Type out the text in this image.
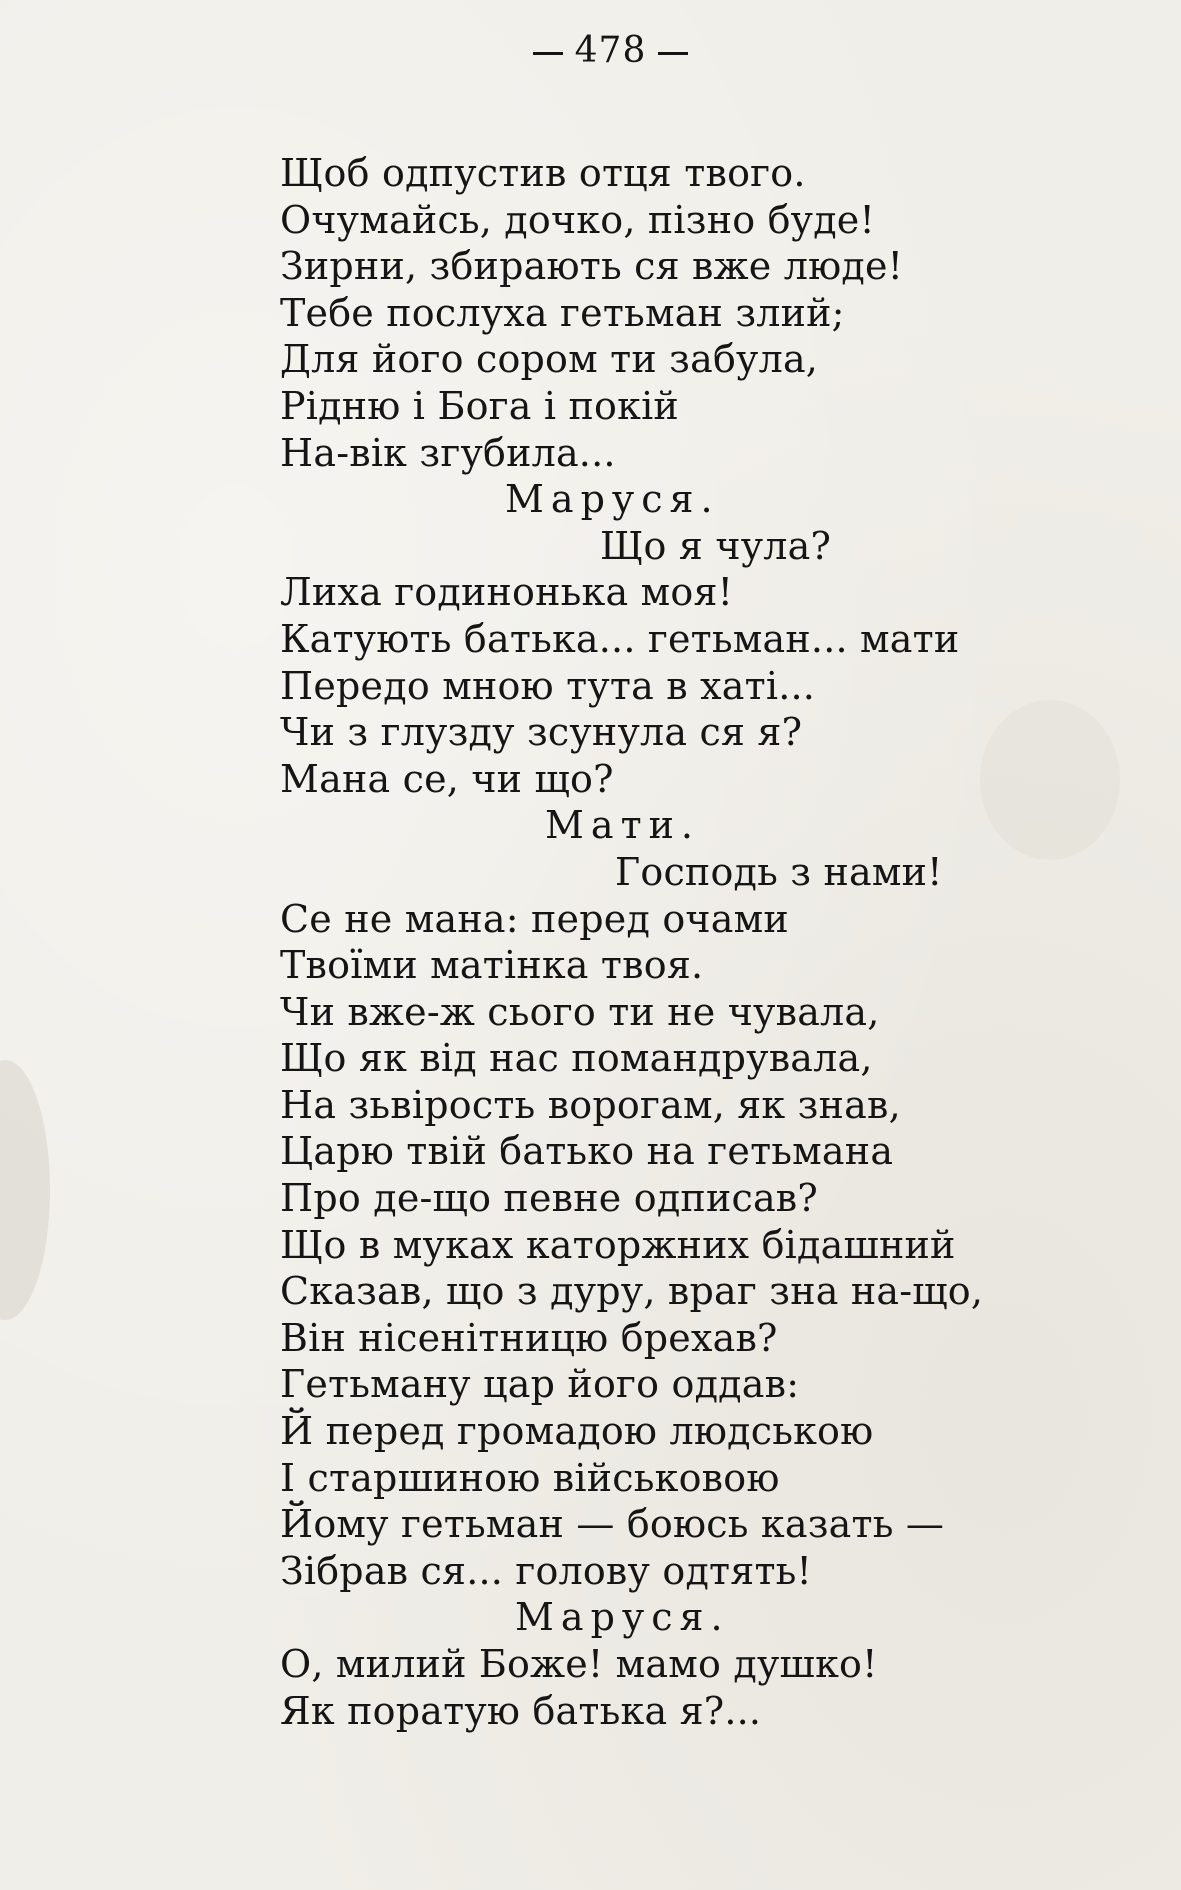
478
Щоб одпустив отця твого.
Очумайсь, дочко, пізно буде!
Зирни, збирають ся вже люде!
Тебе послуха гетьман злий;
Для його сором ти забула,
Рідню і Бога і покій
На-вік згубила...
Маруся.
Що я чула?
Лиха годинонька моя!
Катують батька... гетьман... мати
Передо мною тута в хаті...
Чи з глузду зсунула ся я?
Мана се, чи що?
Мати.
Господь з нами!
Се не мана: перед очами
Твоїми матінка твоя.
Чи вже-ж сього ти не чувала,
Що як від нас помандрувала,
На зьвірость ворогам, як знав,
Царю твій батько на гетьмана
Про де-що певне одписав?
Що в муках каторжних бідашний
Сказав, що з дуру, враг зна на-що,
Він нісенітницю брехав?
Гетьману цар його оддав:
Й перед громадою людською
І старшиною військовою
Йому гетьман — боюсь казать —
Зібрав ся... голову одтять!
Маруся.
О, милий Боже! мамо душко!
Як поратую батька я?...
